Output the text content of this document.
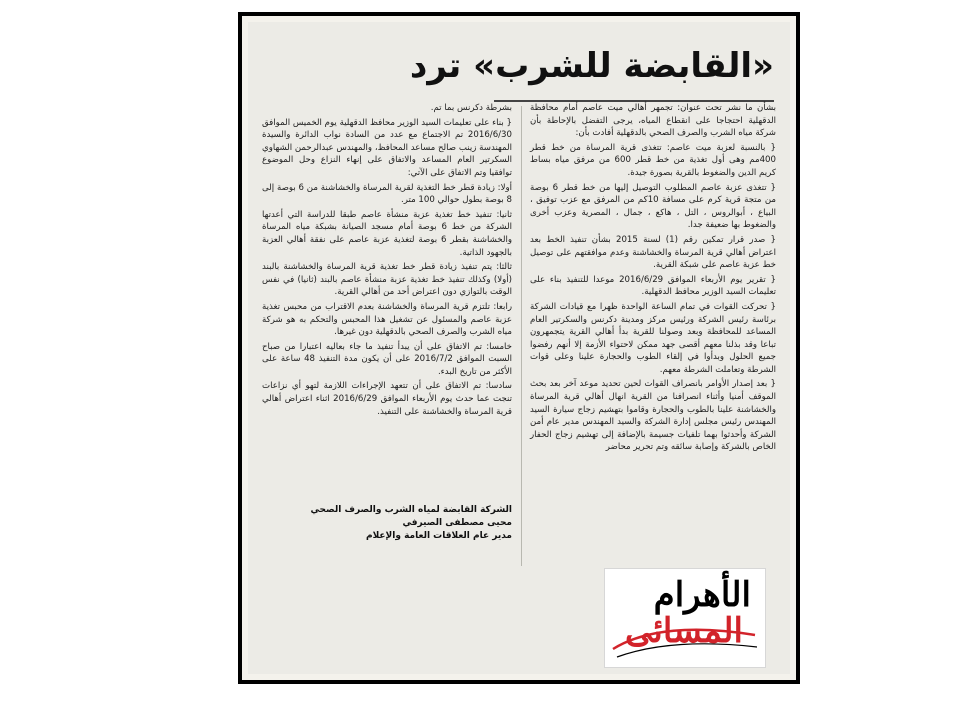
«القابضة للشرب» ترد

بشأن ما نشر تحت عنوان: تجمهر أهالي ميت عاصم أمام محافظة الدقهلية احتجاجا على انقطاع المياه، يرجى التفضل بالإحاطة بأن شركة مياه الشرب والصرف الصحي بالدقهلية أفادت بأن:

{ بالنسبة لعزبة ميت عاصم: تتغذى قرية المرساة من خط قطر 400مم وهى أول تغذية من خط قطر 600 من مرفق مياه بساط كريم الدين والضغوط بالقرية بصورة جيدة.

{ تتغذى عزبة عاصم المطلوب التوصيل إليها من خط قطر 6 بوصة من متجة قرية كرم على مسافة 10كم من المرفق مع عزب توفيق ، البياع ، أبوالروس ، التل ، هاكع ، جمال ، المصرية وعزب أخرى والضغوط بها ضعيفة جدا.

{ صدر قرار تمكين رقم (1) لسنة 2015 بشأن تنفيذ الخط بعد اعتراض أهالي قرية المرساة والخشاشنة وعدم موافقتهم على توصيل خط عزبة عاصم على شبكة القرية.

{ تقرير يوم الأربعاء الموافق 2016/6/29 موعدا للتنفيذ بناء على تعليمات السيد الوزير محافظ الدقهلية.

{ تحركت القوات في تمام الساعة الواحدة ظهرا مع قيادات الشركة برئاسة رئيس الشركة ورئيس مركز ومدينة دكرنس والسكرتير العام المساعد للمحافظة وبعد وصولنا للقرية بدأ أهالي القرية يتجمهرون تباعا وقد بذلنا معهم أقصى جهد ممكن لاحتواء الأزمة إلا أنهم رفضوا جميع الحلول وبدأوا في إلقاء الطوب والحجارة علينا وعلى قوات الشرطة وتعاملت الشرطة معهم.

{ بعد إصدار الأوامر بانصراف القوات لحين تحديد موعد آخر بعد بحث الموقف أمنيا وأثناء انصرافنا من القرية انهال أهالي قرية المرساة والخشاشنة علينا بالطوب والحجارة وقاموا بتهشيم زجاج سيارة السيد المهندس رئيس مجلس إدارة الشركة والسيد المهندس مدير عام أمن الشركة وأحدثوا بهما تلفيات جسيمة بالإضافة إلى تهشيم زجاج الحفار الخاص بالشركة وإصابة سائقه وتم تحرير محاضر

بشرطة دكرنس بما تم.

{ بناء على تعليمات السيد الوزير محافظ الدقهلية يوم الخميس الموافق 2016/6/30 تم الاجتماع مع عدد من السادة نواب الدائرة والسيدة المهندسة زينب صالح مساعد المحافظ، والمهندس عبدالرحمن الشهاوي السكرتير العام المساعد والاتفاق على إنهاء النزاع وحل الموضوع توافقيا وتم الاتفاق على الآتي:

أولا: زيادة قطر خط التغذية لقرية المرساة والخشاشنة من 6 بوصة إلى 8 بوصة بطول حوالي 100 متر.

ثانيا: تنفيذ خط تغذية عزبة منشأة عاصم طبقا للدراسة التي أعدتها الشركة من خط 6 بوصة أمام مسجد الصيانة بشبكة مياه المرساة والخشاشنة بقطر 6 بوصة لتغذية عزبة عاصم على نفقة أهالي العزبة بالجهود الذاتية.

ثالثا: يتم تنفيذ زيادة قطر خط تغذية قرية المرساة والخشاشنة بالبند (أولا) وكذلك تنفيذ خط تغذية عزبة منشأة عاصم بالبند (ثانيا) في نفس الوقت بالتوازي دون اعتراض أحد من أهالي القرية.

رابعا: تلتزم قرية المرساة والخشاشنة بعدم الاقتراب من محبس تغذية عزبة عاصم والمسئول عن تشغيل هذا المحبس والتحكم به هو شركة مياه الشرب والصرف الصحي بالدقهلية دون غيرها.

خامسا: تم الاتفاق على أن يبدأ تنفيذ ما جاء بعاليه اعتبارا من صباح السبت الموافق 2016/7/2 على أن يكون مدة التنفيذ 48 ساعة على الأكثر من تاريخ البدء.

سادسا: تم الاتفاق على أن تتعهد الإجراءات اللازمة لتهو أي نزاعات تنجت عما حدث يوم الأربعاء الموافق 2016/6/29 اثناء اعتراض أهالي قرية المرساة والخشاشنة على التنفيذ.

الشركة القابضة لمياه الشرب والصرف الصحي
محيى مصطفى الصيرفي
مدير عام العلاقات العامة والإعلام
الأهرام
المسائى
